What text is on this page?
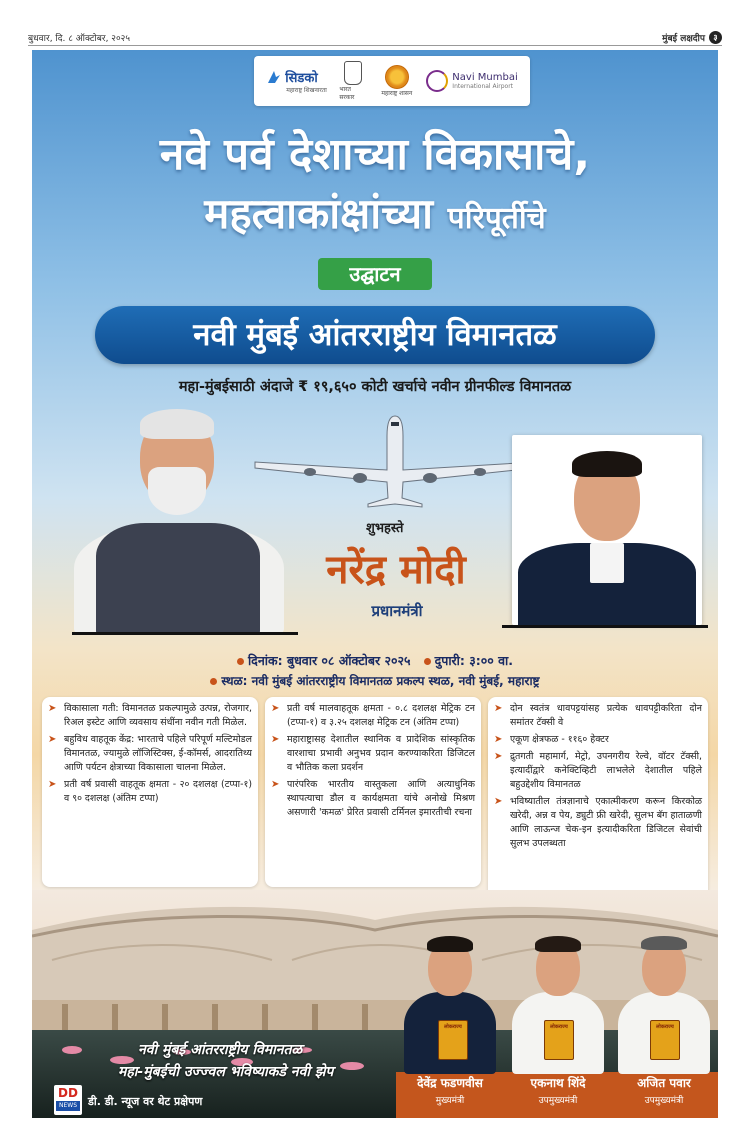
बुधवार, दि. ८ ऑक्टोबर, २०२५	मुंबई लक्षदीप	३
सिडको
महाराष्ट्र शिखनारता भारत सरकार
महाराष्ट्र शासन
Navi Mumbai
International Airport
नवे पर्व देशाच्या विकासाचे,
महत्वाकांक्षांच्या परिपूर्तीचे
उद्घाटन
नवी मुंबई आंतरराष्ट्रीय विमानतळ
महा-मुंबईसाठी अंदाजे ₹ १९,६५० कोटी खर्चाचे नवीन ग्रीनफील्ड विमानतळ
शुभहस्ते
नरेंद्र मोदी
प्रधानमंत्री
दिनांक: बुधवार ०८ ऑक्टोबर २०२५ दुपारी: ३:०० वा.
स्थळ: नवी मुंबई आंतरराष्ट्रीय विमानतळ प्रकल्प स्थळ, नवी मुंबई, महाराष्ट्र
➤ विकासाला गती: विमानतळ प्रकल्पामुळे उत्पन्न, रोजगार, रिअल इस्टेट आणि व्यवसाय संधींना नवीन गती मिळेल.
➤ बहुविध वाहतूक केंद्र: भारताचे पहिले परिपूर्ण मल्टिमोडल विमानतळ, ज्यामुळे लॉजिस्टिक्स, ई-कॉमर्स, आदरातिथ्य आणि पर्यटन क्षेत्राच्या विकासाला चालना मिळेल.
➤ प्रती वर्ष प्रवासी वाहतूक क्षमता - २० दशलक्ष (टप्पा-१) व ९० दशलक्ष (अंतिम टप्पा)
➤ प्रती वर्ष मालवाहतूक क्षमता - ०.८ दशलक्ष मेट्रिक टन (टप्पा-१) व ३.२५ दशलक्ष मेट्रिक टन (अंतिम टप्पा)
➤ महाराष्ट्रासह देशातील स्थानिक व प्रादेशिक सांस्कृतिक वारशाचा प्रभावी अनुभव प्रदान करण्याकरिता डिजिटल व भौतिक कला प्रदर्शन
➤ पारंपरिक भारतीय वास्तुकला आणि अत्याधुनिक स्थापत्याचा डौल व कार्यक्षमता यांचे अनोखे मिश्रण असणारी 'कमळ' प्रेरित प्रवासी टर्मिनल इमारतीची रचना
➤ दोन स्वतंत्र धावपट्टयांसह प्रत्येक धावपट्टीकरिता दोन समांतर टॅक्सी वे
➤ एकूण क्षेत्रफळ - ११६० हेक्टर
➤ द्रुतगती महामार्ग, मेट्रो, उपनगरीय रेल्वे, वॉटर टॅक्सी, इत्यादींद्वारे कनेक्टिव्हिटी लाभलेले देशातील पहिले बहुउद्देशीय विमानतळ
➤ भविष्यातील तंत्रज्ञानाचे एकात्मीकरण करून किरकोळ खरेदी, अन्न व पेय, ड्युटी फ्री खरेदी, सुलभ बॅग हाताळणी आणि लाऊन्ज चेक-इन इत्यादीकरिता डिजिटल सेवांची सुलभ उपलब्धता
नवी मुंबई आंतरराष्ट्रीय विमानतळ
महा-मुंबईची उज्ज्वल भविष्याकडे नवी झेप
DD
NEWS डी. डी. न्यूज वर थेट प्रक्षेपण
लोकराज्य
देवेंद्र फडणवीस
मुख्यमंत्री
लोकराज्य
एकनाथ शिंदे
उपमुख्यमंत्री
लोकराज्य
अजित पवार
उपमुख्यमंत्री
